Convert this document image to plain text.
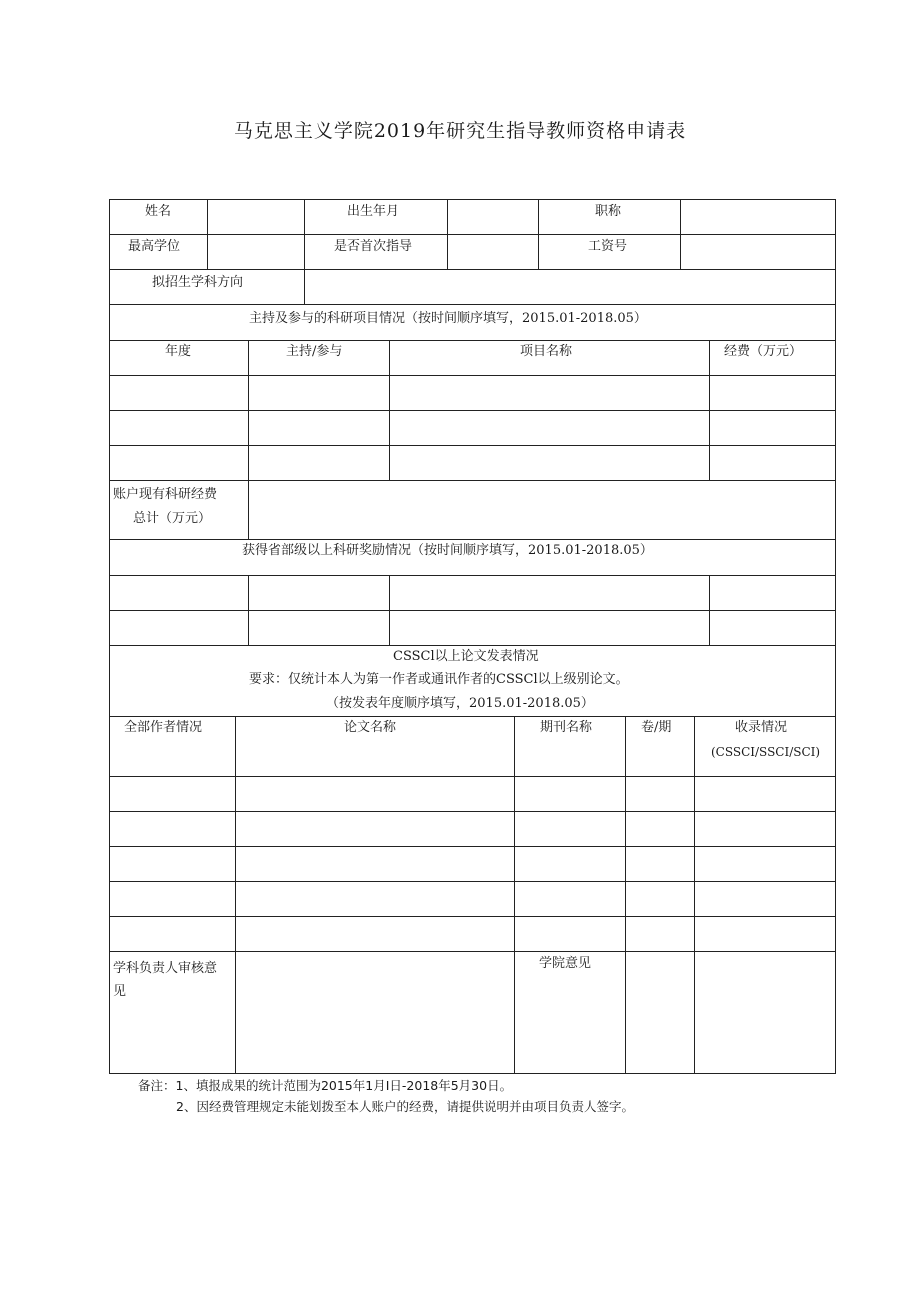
马克思主义学院2019年研究生指导教师资格申请表
姓名	出生年月	职称
最高学位	是否首次指导	工资号
拟招生学科方向
主持及参与的科研项目情况（按时间顺序填写，2015.01-2018.05）
年度	主持/参与	项目名称	经费（万元）
账户现有科研经费
总计（万元）
获得省部级以上科研奖励情况（按时间顺序填写，2015.01-2018.05）
CSSCl以上论文发表情况
要求：仅统计本人为第一作者或通讯作者的CSSCl以上级别论文。
（按发表年度顺序填写，2015.01-2018.05）
全部作者情况	论文名称	期刊名称	卷/期	收录情况
(CSSCI/SSCI/SCI)
学科负责人审核意
见
学院意见
备注：1、填报成果的统计范围为2015年1月Ⅰ日-2018年5月30日。
2、因经费管理规定未能划拨至本人账户的经费，请提供说明并由项目负责人签字。
